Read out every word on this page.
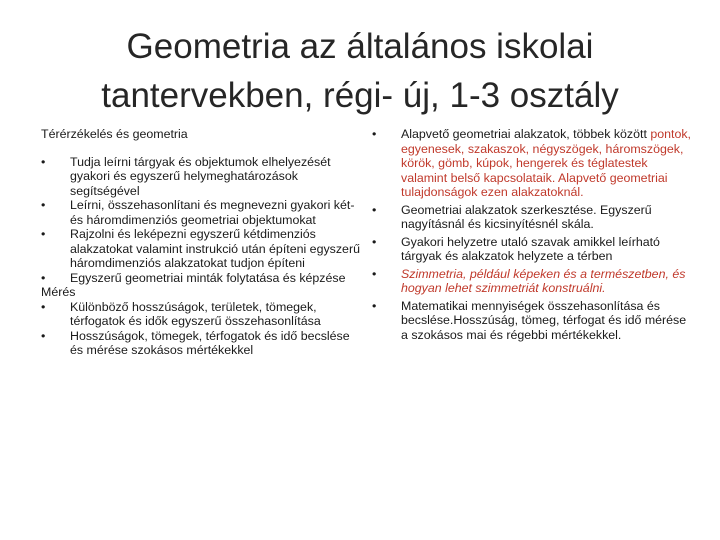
Geometria az általános iskolai tantervekben, régi- új, 1-3 osztály

Térérzékelés és geometria

• Tudja leírni tárgyak és objektumok elhelyezését gyakori és egyszerű helymeghatározások segítségével
• Leírni, összehasonlítani és megnevezni gyakori két- és háromdimenziós geometriai objektumokat
• Rajzolni és leképezni egyszerű kétdimenziós alakzatokat valamint instrukció után építeni egyszerű háromdimenziós alakzatokat tudjon építeni
• Egyszerű geometriai minták folytatása és képzése

Mérés

• Különböző hosszúságok, területek, tömegek, térfogatok és idők egyszerű összehasonlítása
• Hosszúságok, tömegek, térfogatok és idő becslése és mérése szokásos mértékekkel
• Alapvető geometriai alakzatok, többek között pontok, egyenesek, szakaszok, négyszögek, háromszögek, körök, gömb, kúpok, hengerek és téglatestek valamint belső kapcsolataik. Alapvető geometriai tulajdonságok ezen alakzatoknál.
• Geometriai alakzatok szerkesztése. Egyszerű nagyításnál és kicsinyítésnél skála.
• Gyakori helyzetre utaló szavak amikkel leírható tárgyak és alakzatok helyzete a térben
• Szimmetria, például képeken és a természetben, és hogyan lehet szimmetriát konstruálni.
• Matematikai mennyiségek összehasonlítása és becslése.Hosszúság, tömeg, térfogat és idő mérése a szokásos mai és régebbi mértékekkel.
